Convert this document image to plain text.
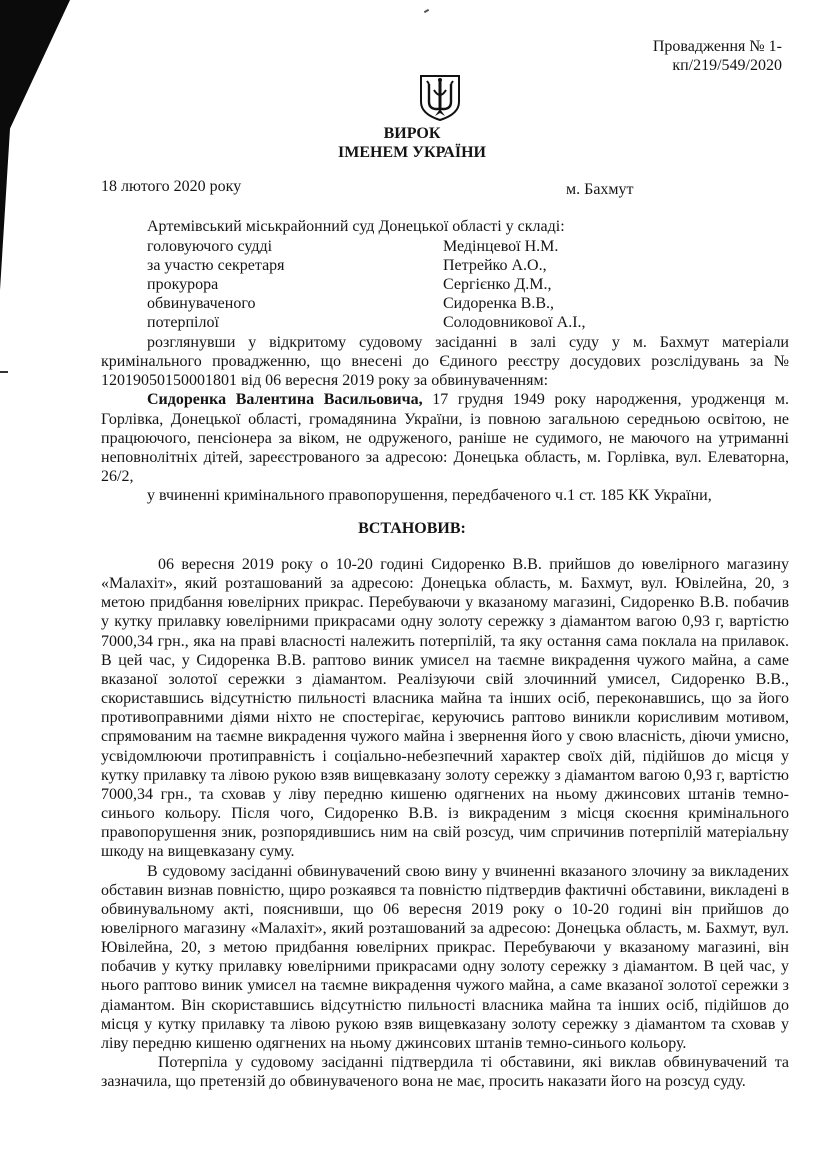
Провадження № 1-
кп/219/549/2020
ВИРОК
ІМЕНЕМ УКРАЇНИ
18 лютого 2020 року	м. Бахмут
Артемівський міськрайонний суд Донецької області у складі:
головуючого судді	Медінцевої Н.М.
за участю секретаря	Петрейко А.О.,
прокурора	Сергієнко Д.М.,
обвинуваченого	Сидоренка В.В.,
потерпілої	Солодовникової А.І.,

розглянувши у відкритому судовому засіданні в залі суду у м. Бахмут матеріали кримінального провадженню, що внесені до Єдиного реєстру досудових розслідувань за № 12019050150001801 від 06 вересня 2019 року за обвинуваченням:

Сидоренка Валентина Васильовича, 17 грудня 1949 року народження, уродженця м. Горлівка, Донецької області, громадянина України, із повною загальною середньою освітою, не працюючого, пенсіонера за віком, не одруженого, раніше не судимого, не маючого на утриманні неповнолітніх дітей, зареєстрованого за адресою: Донецька область, м. Горлівка, вул. Елеваторна, 26/2,

у вчиненні кримінального правопорушення, передбаченого ч.1 ст. 185 КК України,

ВСТАНОВИВ:

06 вересня 2019 року о 10-20 годині Сидоренко В.В. прийшов до ювелірного магазину «Малахіт», який розташований за адресою: Донецька область, м. Бахмут, вул. Ювілейна, 20, з метою придбання ювелірних прикрас. Перебуваючи у вказаному магазині, Сидоренко В.В. побачив у кутку прилавку ювелірними прикрасами одну золоту сережку з діамантом вагою 0,93 г, вартістю 7000,34 грн., яка на праві власності належить потерпілій, та яку остання сама поклала на прилавок. В цей час, у Сидоренка В.В. раптово виник умисел на таємне викрадення чужого майна, а саме вказаної золотої сережки з діамантом. Реалізуючи свій злочинний умисел, Сидоренко В.В., скориставшись відсутністю пильності власника майна та інших осіб, переконавшись, що за його противоправними діями ніхто не спостерігає, керуючись раптово виникли корисливим мотивом, спрямованим на таємне викрадення чужого майна і звернення його у свою власність, діючи умисно, усвідомлюючи протиправність і соціально-небезпечний характер своїх дій, підійшов до місця у кутку прилавку та лівою рукою взяв вищевказану золоту сережку з діамантом вагою 0,93 г, вартістю 7000,34 грн., та сховав у ліву передню кишеню одягнених на ньому джинсових штанів темно-синього кольору. Після чого, Сидоренко В.В. із викраденим з місця скоєння кримінального правопорушення зник, розпорядившись ним на свій розсуд, чим спричинив потерпілій матеріальну шкоду на вищевказану суму.

В судовому засіданні обвинувачений свою вину у вчиненні вказаного злочину за викладених обставин визнав повністю, щиро розкаявся та повністю підтвердив фактичні обставини, викладені в обвинувальному акті, пояснивши, що 06 вересня 2019 року о 10-20 годині він прийшов до ювелірного магазину «Малахіт», який розташований за адресою: Донецька область, м. Бахмут, вул. Ювілейна, 20, з метою придбання ювелірних прикрас. Перебуваючи у вказаному магазині, він побачив у кутку прилавку ювелірними прикрасами одну золоту сережку з діамантом. В цей час, у нього раптово виник умисел на таємне викрадення чужого майна, а саме вказаної золотої сережки з діамантом. Він скориставшись відсутністю пильності власника майна та інших осіб, підійшов до місця у кутку прилавку та лівою рукою взяв вищевказану золоту сережку з діамантом та сховав у ліву передню кишеню одягнених на ньому джинсових штанів темно-синього кольору.

Потерпіла у судовому засіданні підтвердила ті обставини, які виклав обвинувачений та зазначила, що претензій до обвинуваченого вона не має, просить наказати його на розсуд суду.
